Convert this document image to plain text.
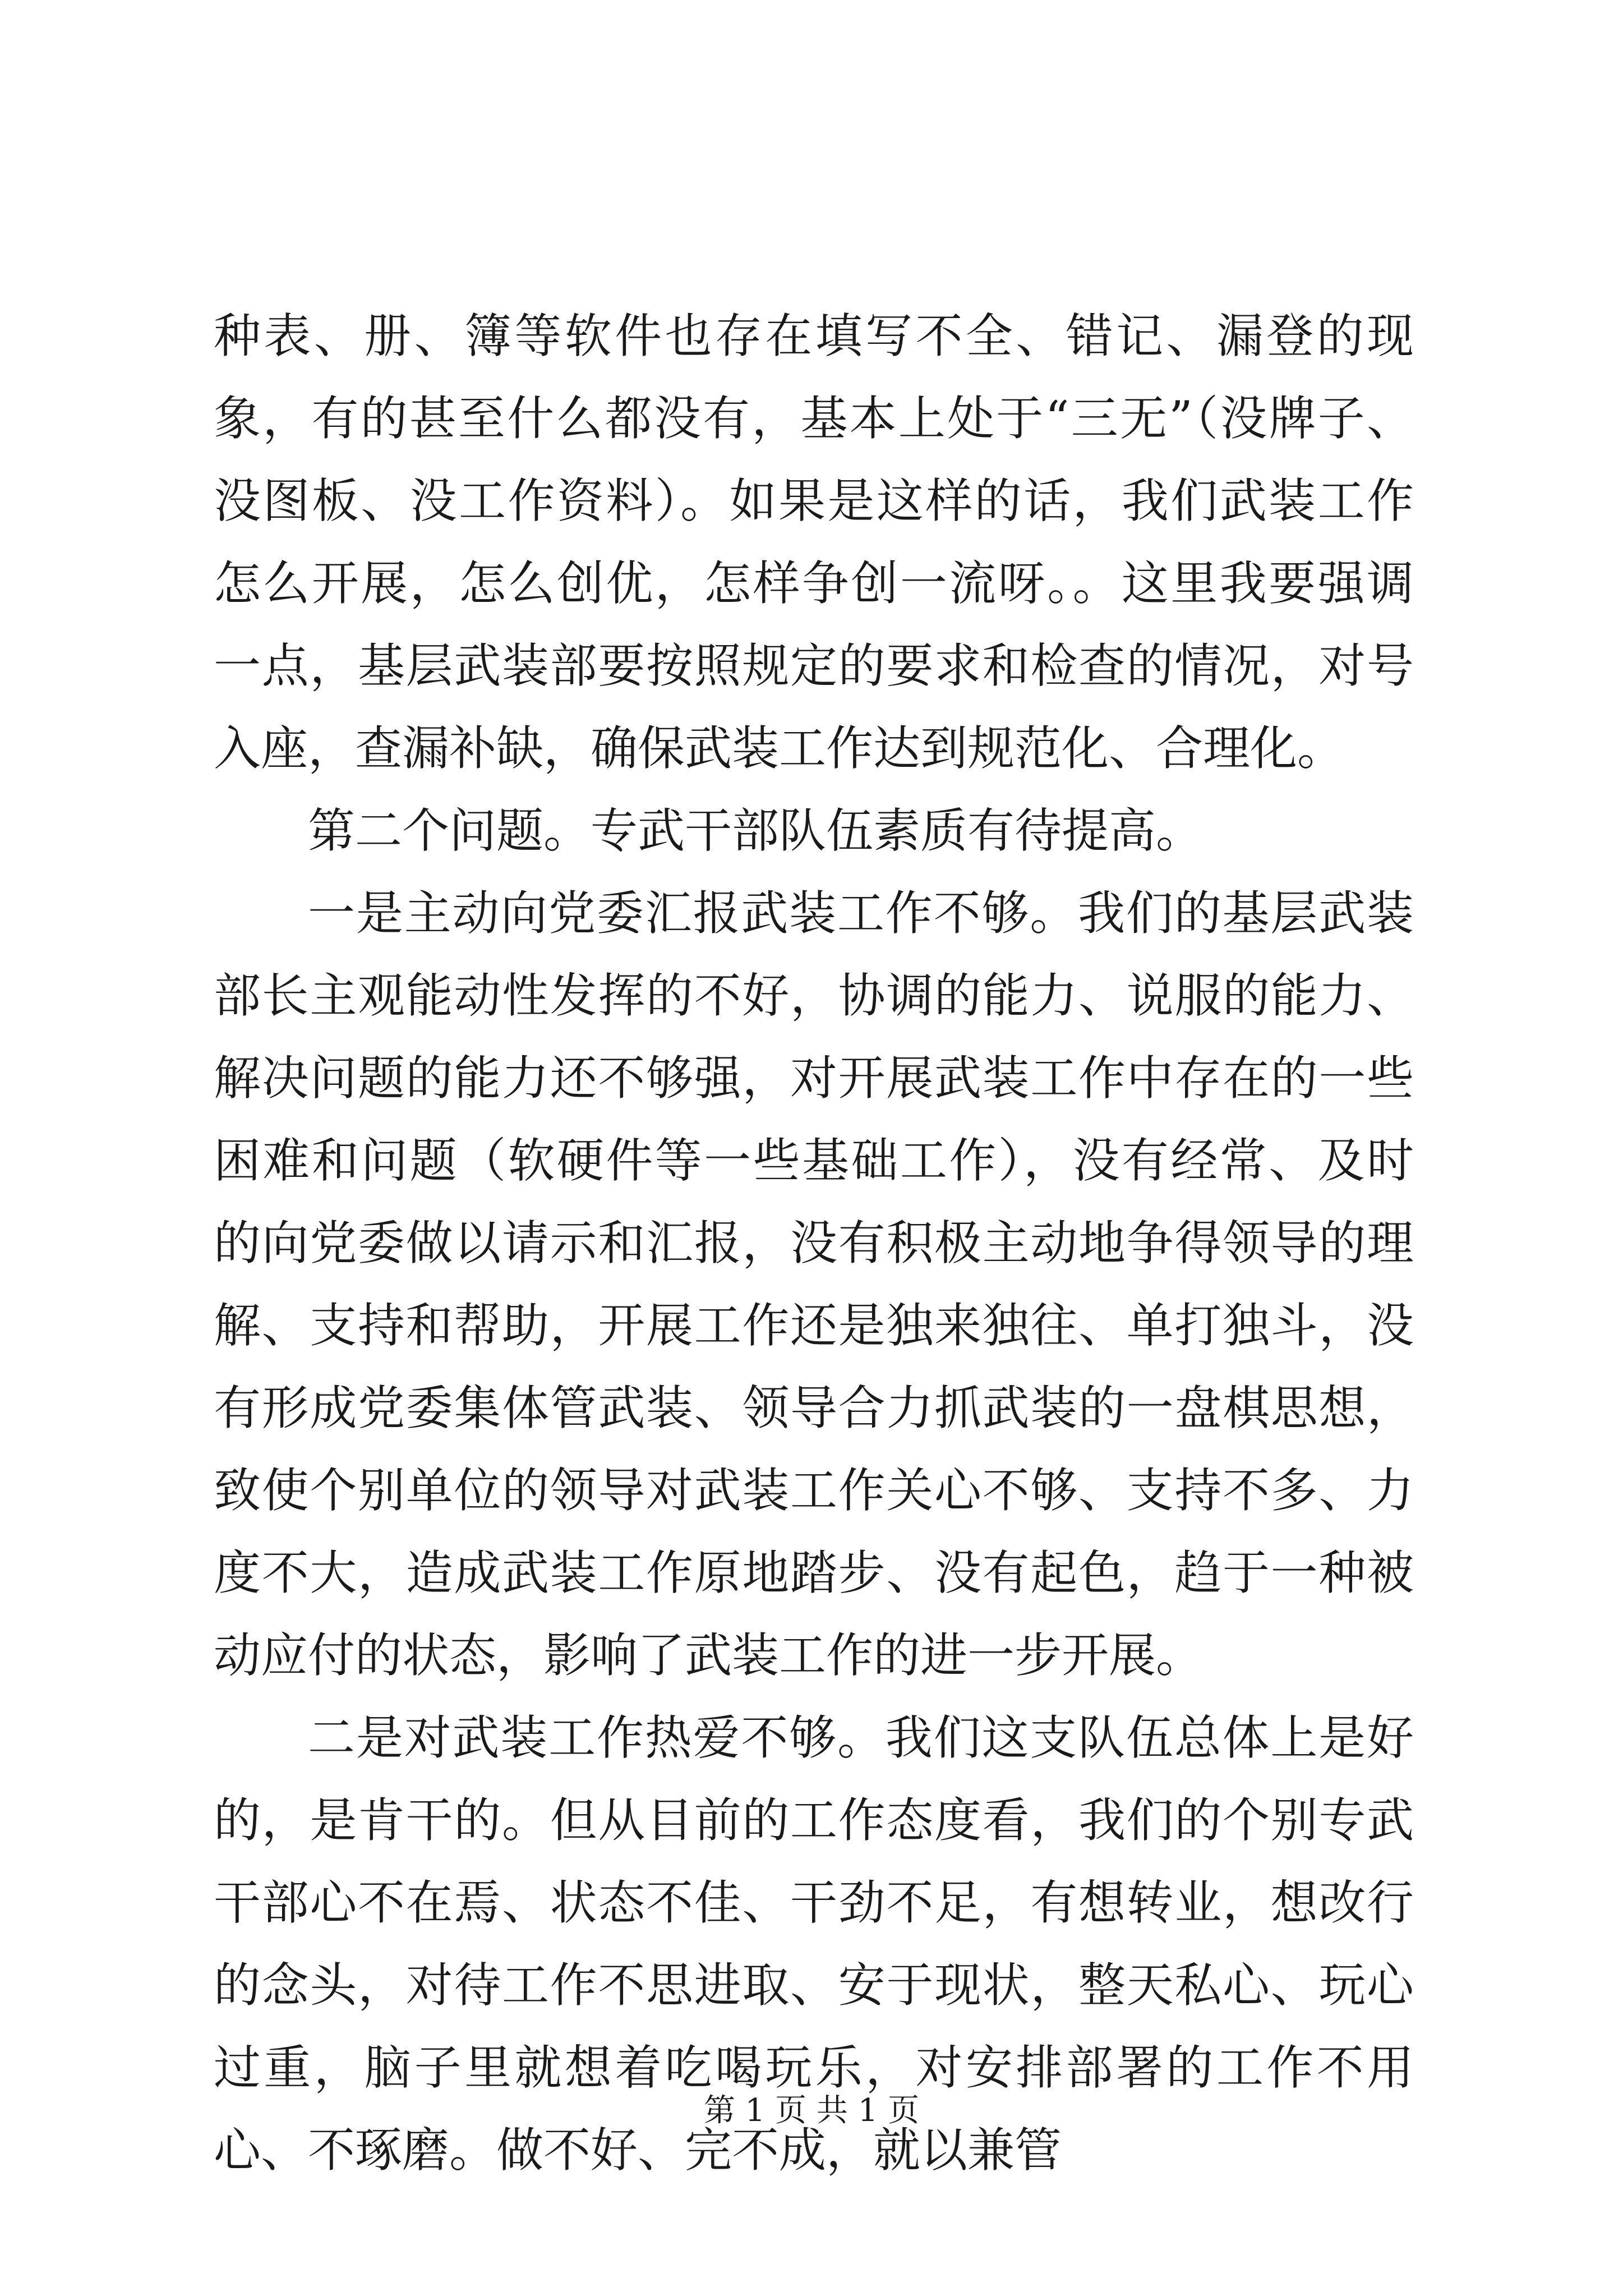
种表、册、簿等软件也存在填写不全、错记、漏登的现象，有的甚至什么都没有，基本上处于“三无”（没牌子、没图板、没工作资料）。如果是这样的话，我们武装工作怎么开展，怎么创优，怎样争创一流呀。。这里我要强调一点，基层武装部要按照规定的要求和检查的情况，对号入座，查漏补缺，确保武装工作达到规范化、合理化。

第二个问题。专武干部队伍素质有待提高。

一是主动向党委汇报武装工作不够。我们的基层武装部长主观能动性发挥的不好，协调的能力、说服的能力、解决问题的能力还不够强，对开展武装工作中存在的一些困难和问题（软硬件等一些基础工作），没有经常、及时的向党委做以请示和汇报，没有积极主动地争得领导的理解、支持和帮助，开展工作还是独来独往、单打独斗，没有形成党委集体管武装、领导合力抓武装的一盘棋思想，致使个别单位的领导对武装工作关心不够、支持不多、力度不大，造成武装工作原地踏步、没有起色，趋于一种被动应付的状态，影响了武装工作的进一步开展。

二是对武装工作热爱不够。我们这支队伍总体上是好的，是肯干的。但从目前的工作态度看，我们的个别专武干部心不在焉、状态不佳、干劲不足，有想转业，想改行的念头，对待工作不思进取、安于现状，整天私心、玩心过重，脑子里就想着吃喝玩乐，对安排部署的工作不用心、不琢磨。做不好、完不成，就以兼管

第 1 页 共 1 页
